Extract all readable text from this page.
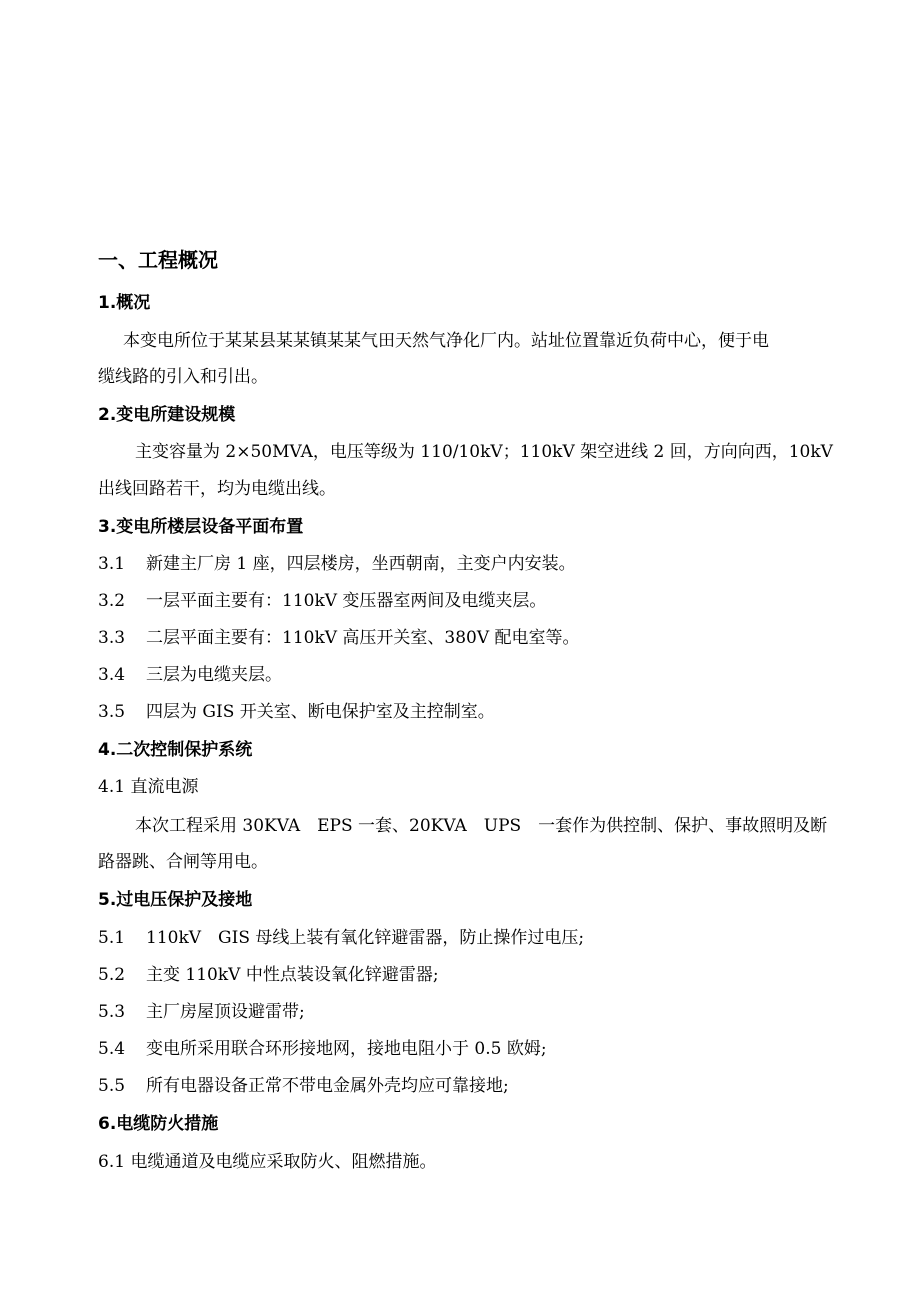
一、工程概况
1.概况
本变电所位于某某县某某镇某某气田天然气净化厂内。站址位置靠近负荷中心，便于电
缆线路的引入和引出。
2.变电所建设规模
主变容量为 2×50MVA，电压等级为 110/10kV；110kV 架空进线 2 回，方向向西，10kV
出线回路若干，均为电缆出线。
3.变电所楼层设备平面布置
3.1 新建主厂房 1 座，四层楼房，坐西朝南，主变户内安装。
3.2 一层平面主要有：110kV 变压器室两间及电缆夹层。
3.3 二层平面主要有：110kV 高压开关室、380V 配电室等。
3.4 三层为电缆夹层。
3.5 四层为 GIS 开关室、断电保护室及主控制室。
4.二次控制保护系统
4.1 直流电源
本次工程采用 30KVA　EPS 一套、20KVA　UPS　一套作为供控制、保护、事故照明及断
路器跳、合闸等用电。
5.过电压保护及接地
5.1 110kV　GIS 母线上装有氧化锌避雷器，防止操作过电压;
5.2 主变 110kV 中性点装设氧化锌避雷器;
5.3 主厂房屋顶设避雷带;
5.4 变电所采用联合环形接地网，接地电阻小于 0.5 欧姆;
5.5 所有电器设备正常不带电金属外壳均应可靠接地;
6.电缆防火措施
6.1 电缆通道及电缆应采取防火、阻燃措施。
